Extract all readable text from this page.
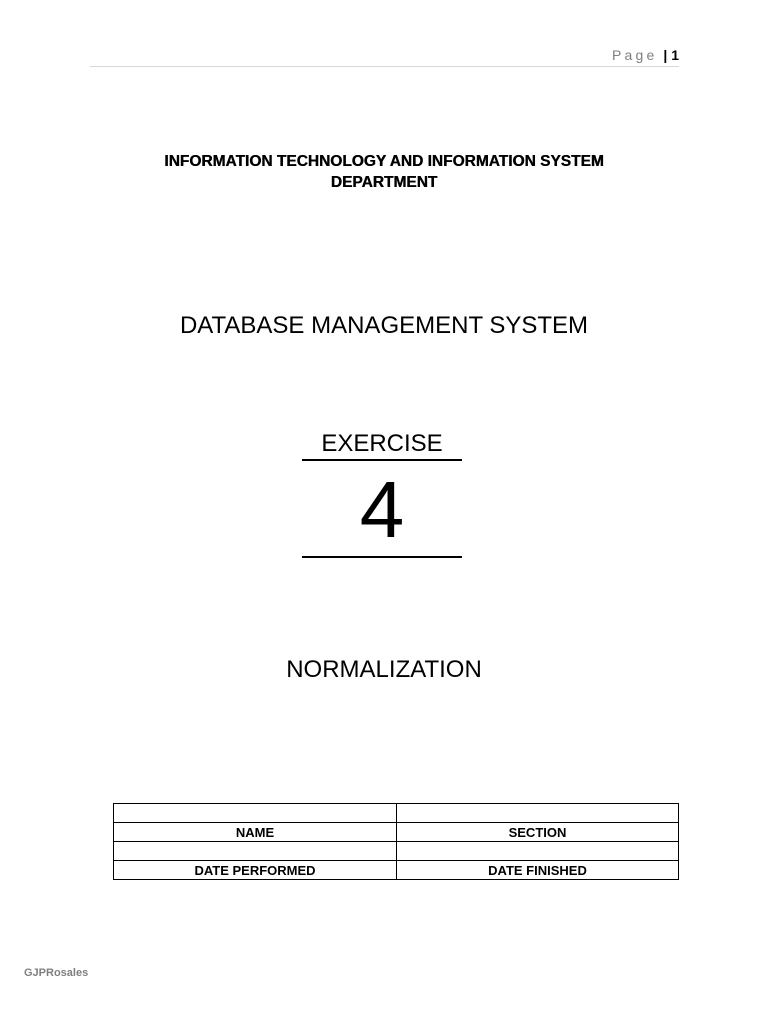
Page | 1
INFORMATION TECHNOLOGY AND INFORMATION SYSTEM
DEPARTMENT
DATABASE MANAGEMENT SYSTEM
EXERCISE
4
NORMALIZATION

NAME	SECTION

DATE PERFORMED	DATE FINISHED
GJPRosales
